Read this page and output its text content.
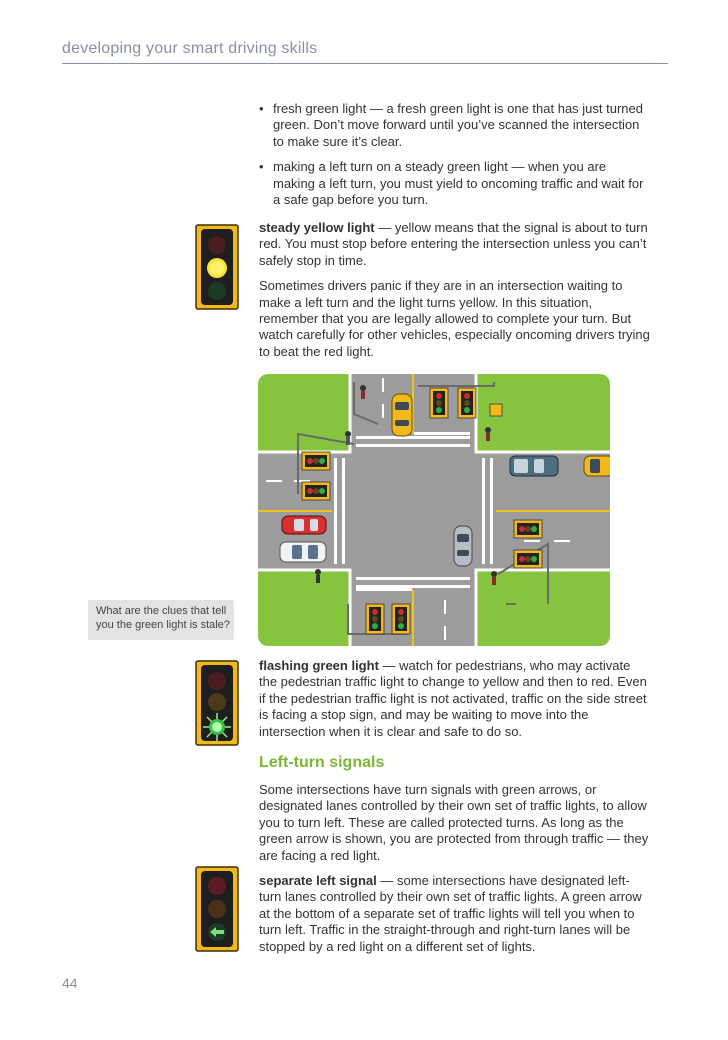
developing your smart driving skills
• fresh green light — a fresh green light is one that has just turned green. Don’t move forward until you’ve scanned the intersection to make sure it’s clear.
• making a left turn on a steady green light — when you are making a left turn, you must yield to oncoming traffic and wait for a safe gap before you turn.

steady yellow light — yellow means that the signal is about to turn red. You must stop before entering the intersection unless you can’t safely stop in time.

Sometimes drivers panic if they are in an intersection waiting to make a left turn and the light turns yellow. In this situation, remember that you are legally allowed to complete your turn. But watch carefully for other vehicles, especially oncoming drivers trying to beat the red light.

What are the clues that tell you the green light is stale?

flashing green light — watch for pedestrians, who may activate the pedestrian traffic light to change to yellow and then to red. Even if the pedestrian traffic light is not activated, traffic on the side street is facing a stop sign, and may be waiting to move into the intersection when it is clear and safe to do so.

Left-turn signals

Some intersections have turn signals with green arrows, or designated lanes controlled by their own set of traffic lights, to allow you to turn left. These are called protected turns. As long as the green arrow is shown, you are protected from through traffic — they are facing a red light.

separate left signal — some intersections have designated left-turn lanes controlled by their own set of traffic lights. A green arrow at the bottom of a separate set of traffic lights will tell you when to turn left. Traffic in the straight-through and right-turn lanes will be stopped by a red light on a different set of lights.

44
